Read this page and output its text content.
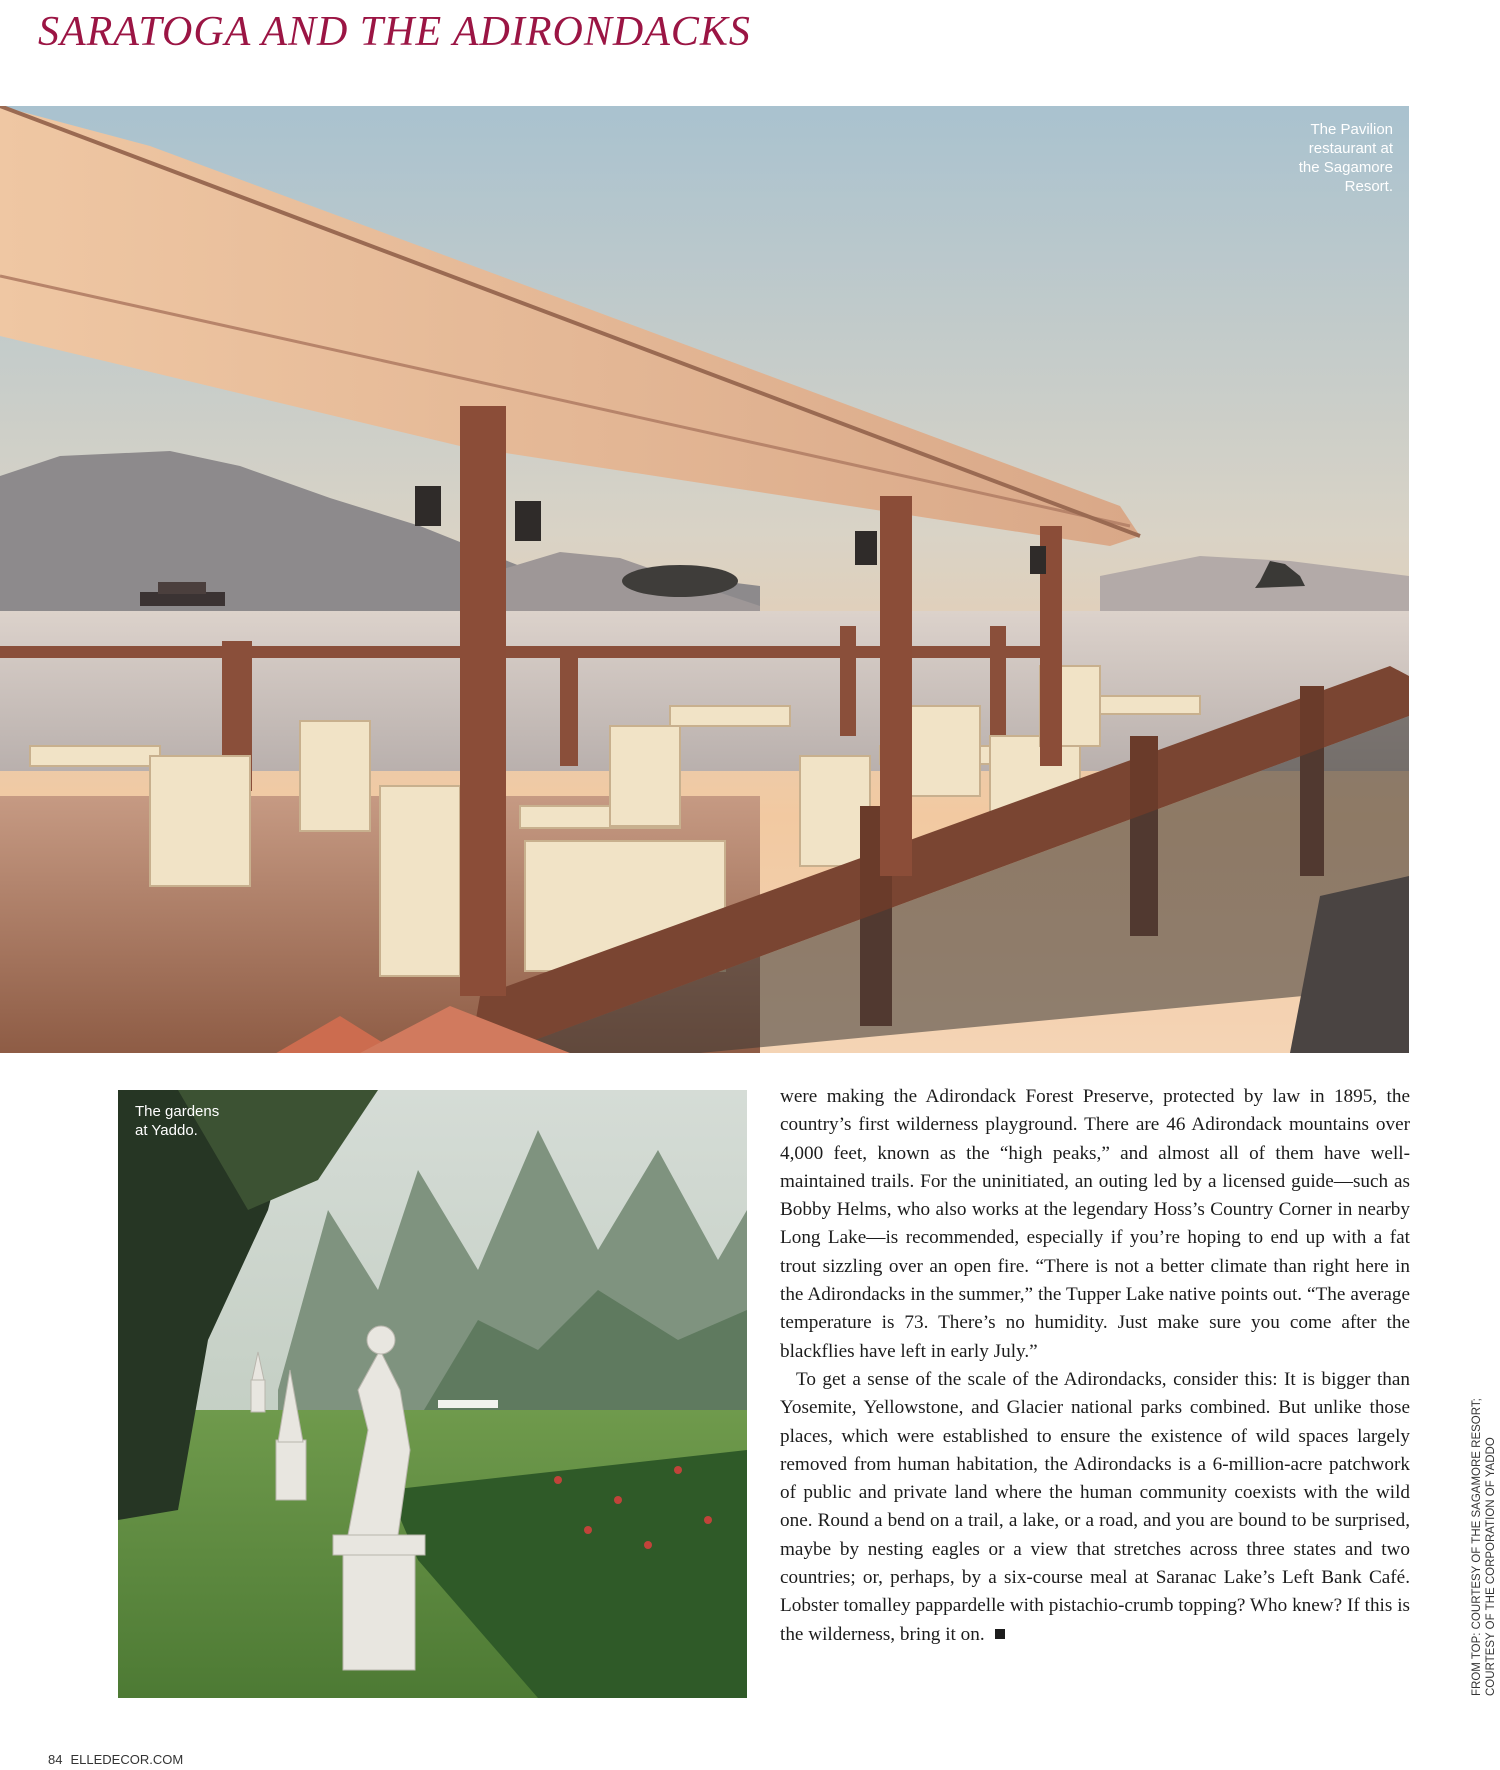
SARATOGA AND THE ADIRONDACKS

The Pavilion
restaurant at
the Sagamore
Resort.

The gardens
at Yaddo.

were making the Adirondack Forest Preserve, protected by law in 1895, the country’s first wilderness playground. There are 46 Adirondack mountains over 4,000 feet, known as the “high peaks,” and almost all of them have well-maintained trails. For the uninitiated, an outing led by a licensed guide—such as Bobby Helms, who also works at the legendary Hoss’s Country Corner in nearby Long Lake—is recommended, especially if you’re hoping to end up with a fat trout sizzling over an open fire. “There is not a better climate than right here in the Adirondacks in the summer,” the Tupper Lake native points out. “The average temperature is 73. There’s no humidity. Just make sure you come after the blackflies have left in early July.”

To get a sense of the scale of the Adirondacks, consider this: It is bigger than Yosemite, Yellowstone, and Glacier national parks combined. But unlike those places, which were established to ensure the existence of wild spaces largely removed from human habitation, the Adirondacks is a 6-million-acre patchwork of public and private land where the human community coexists with the wild one. Round a bend on a trail, a lake, or a road, and you are bound to be surprised, maybe by nesting eagles or a view that stretches across three states and two countries; or, perhaps, by a six-course meal at Saranac Lake’s Left Bank Café. Lobster tomalley pappardelle with pistachio-crumb topping? Who knew? If this is the wilderness, bring it on.	FROM TOP: COURTESY OF THE SAGAMORE RESORT; COURTESY OF THE CORPORATION OF YADDO

84 ELLEDECOR.COM
